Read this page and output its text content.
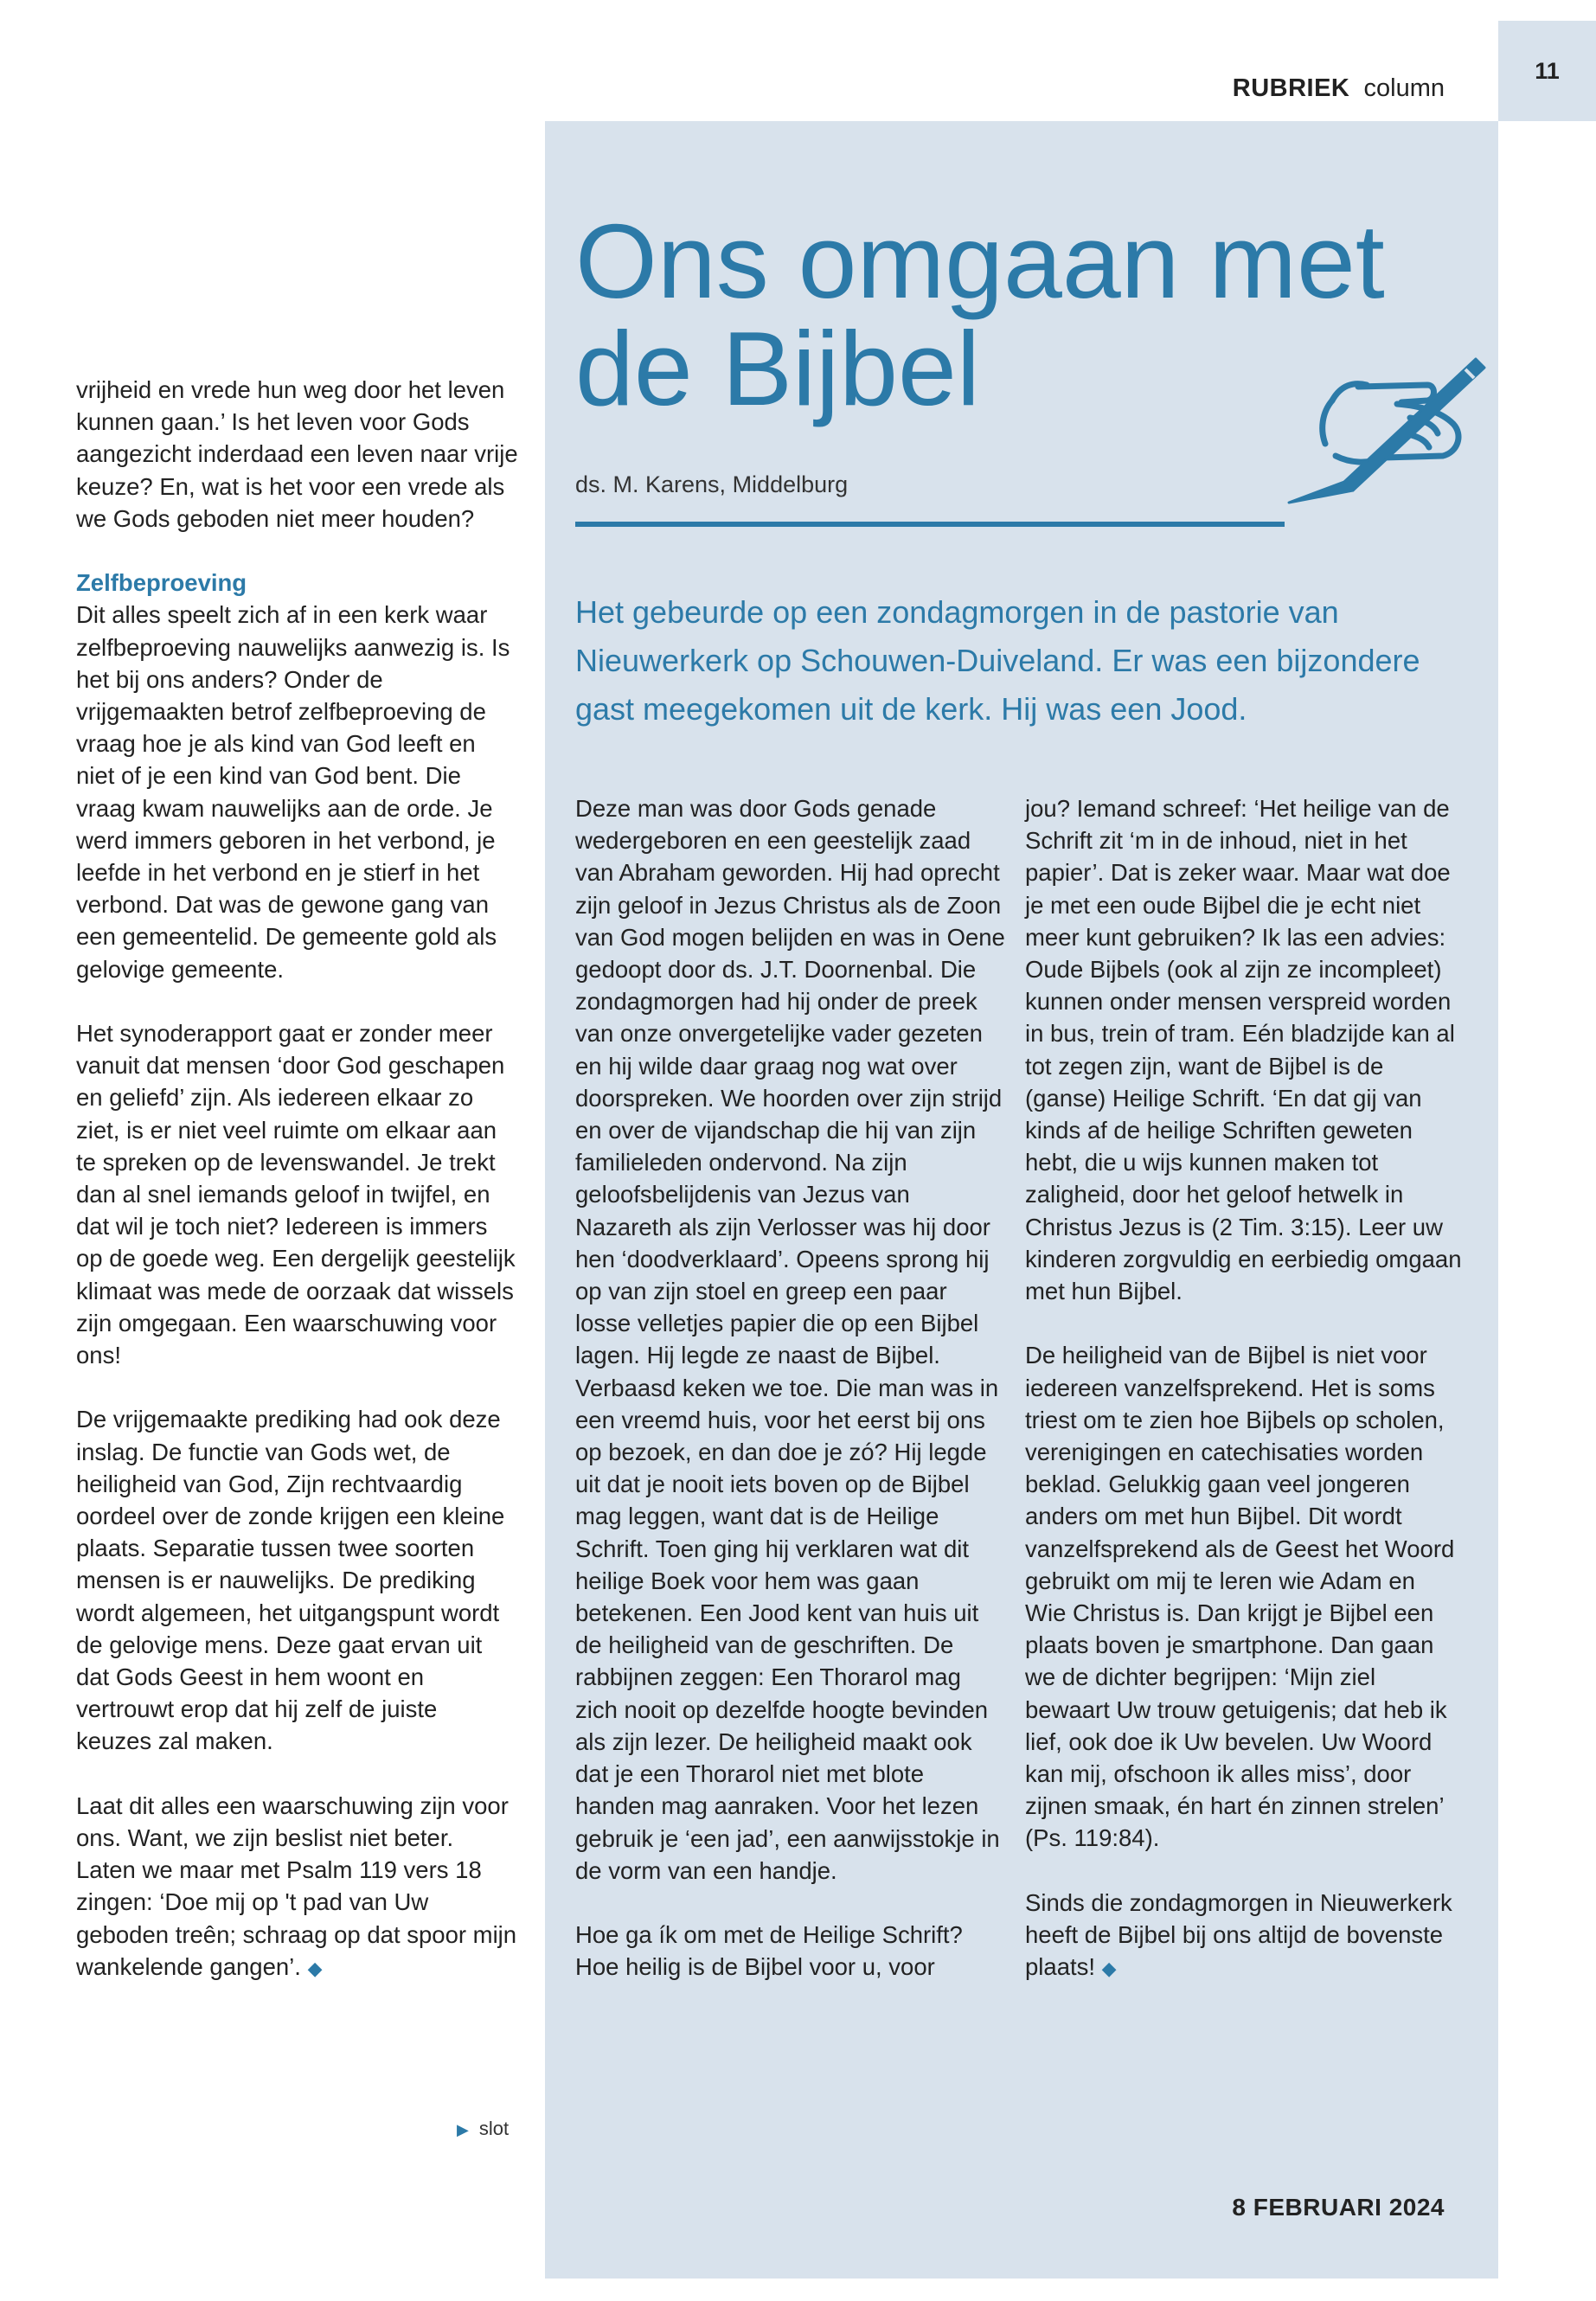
11
RUBRIEK column
Ons omgaan met de Bijbel
ds. M. Karens, Middelburg

Het gebeurde op een zondagmorgen in de pastorie van Nieuwerkerk op Schouwen-Duiveland. Er was een bijzondere gast meegekomen uit de kerk. Hij was een Jood.

vrijheid en vrede hun weg door het leven kunnen gaan.’ Is het leven voor Gods aangezicht inderdaad een leven naar vrije keuze? En, wat is het voor een vrede als we Gods geboden niet meer houden?

Zelfbeproeving
Dit alles speelt zich af in een kerk waar zelfbeproeving nauwelijks aanwezig is. Is het bij ons anders? Onder de vrijgemaakten betrof zelfbeproeving de vraag hoe je als kind van God leeft en niet of je een kind van God bent. Die vraag kwam nauwelijks aan de orde. Je werd immers geboren in het verbond, je leefde in het verbond en je stierf in het verbond. Dat was de gewone gang van een gemeentelid. De gemeente gold als gelovige gemeente.

Het synoderapport gaat er zonder meer vanuit dat mensen ‘door God geschapen en geliefd’ zijn. Als iedereen elkaar zo ziet, is er niet veel ruimte om elkaar aan te spreken op de levenswandel. Je trekt dan al snel iemands geloof in twijfel, en dat wil je toch niet? Iedereen is immers op de goede weg. Een dergelijk geestelijk klimaat was mede de oorzaak dat wissels zijn omgegaan. Een waarschuwing voor ons!

De vrijgemaakte prediking had ook deze inslag. De functie van Gods wet, de heiligheid van God, Zijn rechtvaardig oordeel over de zonde krijgen een kleine plaats. Separatie tussen twee soorten mensen is er nauwelijks. De prediking wordt algemeen, het uitgangspunt wordt de gelovige mens. Deze gaat ervan uit dat Gods Geest in hem woont en vertrouwt erop dat hij zelf de juiste keuzes zal maken.

Laat dit alles een waarschuwing zijn voor ons. Want, we zijn beslist niet beter. Laten we maar met Psalm 119 vers 18 zingen: ‘Doe mij op 't pad van Uw geboden treên; schraag op dat spoor mijn wankelende gangen’. ◆

▶ slot

Deze man was door Gods genade wedergeboren en een geestelijk zaad van Abraham geworden. Hij had oprecht zijn geloof in Jezus Christus als de Zoon van God mogen belijden en was in Oene gedoopt door ds. J.T. Doornenbal. Die zondagmorgen had hij onder de preek van onze onvergetelijke vader gezeten en hij wilde daar graag nog wat over doorspreken. We hoorden over zijn strijd en over de vijandschap die hij van zijn familieleden ondervond. Na zijn geloofsbelijdenis van Jezus van Nazareth als zijn Verlosser was hij door hen ‘doodverklaard’. Opeens sprong hij op van zijn stoel en greep een paar losse velletjes papier die op een Bijbel lagen. Hij legde ze naast de Bijbel. Verbaasd keken we toe. Die man was in een vreemd huis, voor het eerst bij ons op bezoek, en dan doe je zó? Hij legde uit dat je nooit iets boven op de Bijbel mag leggen, want dat is de Heilige Schrift. Toen ging hij verklaren wat dit heilige Boek voor hem was gaan betekenen. Een Jood kent van huis uit de heiligheid van de geschriften. De rabbijnen zeggen: Een Thorarol mag zich nooit op dezelfde hoogte bevinden als zijn lezer. De heiligheid maakt ook dat je een Thorarol niet met blote handen mag aanraken. Voor het lezen gebruik je ‘een jad’, een aanwijsstokje in de vorm van een handje.

Hoe ga ík om met de Heilige Schrift? Hoe heilig is de Bijbel voor u, voor

jou? Iemand schreef: ‘Het heilige van de Schrift zit ‘m in de inhoud, niet in het papier’. Dat is zeker waar. Maar wat doe je met een oude Bijbel die je echt niet meer kunt gebruiken? Ik las een advies: Oude Bijbels (ook al zijn ze incompleet) kunnen onder mensen verspreid worden in bus, trein of tram. Eén bladzijde kan al tot zegen zijn, want de Bijbel is de (ganse) Heilige Schrift. ‘En dat gij van kinds af de heilige Schriften geweten hebt, die u wijs kunnen maken tot zaligheid, door het geloof hetwelk in Christus Jezus is (2 Tim. 3:15). Leer uw kinderen zorgvuldig en eerbiedig omgaan met hun Bijbel.

De heiligheid van de Bijbel is niet voor iedereen vanzelfsprekend. Het is soms triest om te zien hoe Bijbels op scholen, verenigingen en catechisaties worden beklad. Gelukkig gaan veel jongeren anders om met hun Bijbel. Dit wordt vanzelfsprekend als de Geest het Woord gebruikt om mij te leren wie Adam en Wie Christus is. Dan krijgt je Bijbel een plaats boven je smartphone. Dan gaan we de dichter begrijpen: ‘Mijn ziel bewaart Uw trouw getuigenis; dat heb ik lief, ook doe ik Uw bevelen. Uw Woord kan mij, ofschoon ik alles miss’, door zijnen smaak, én hart én zinnen strelen’ (Ps. 119:84).

Sinds die zondagmorgen in Nieuwerkerk heeft de Bijbel bij ons altijd de bovenste plaats! ◆

8 FEBRUARI 2024
